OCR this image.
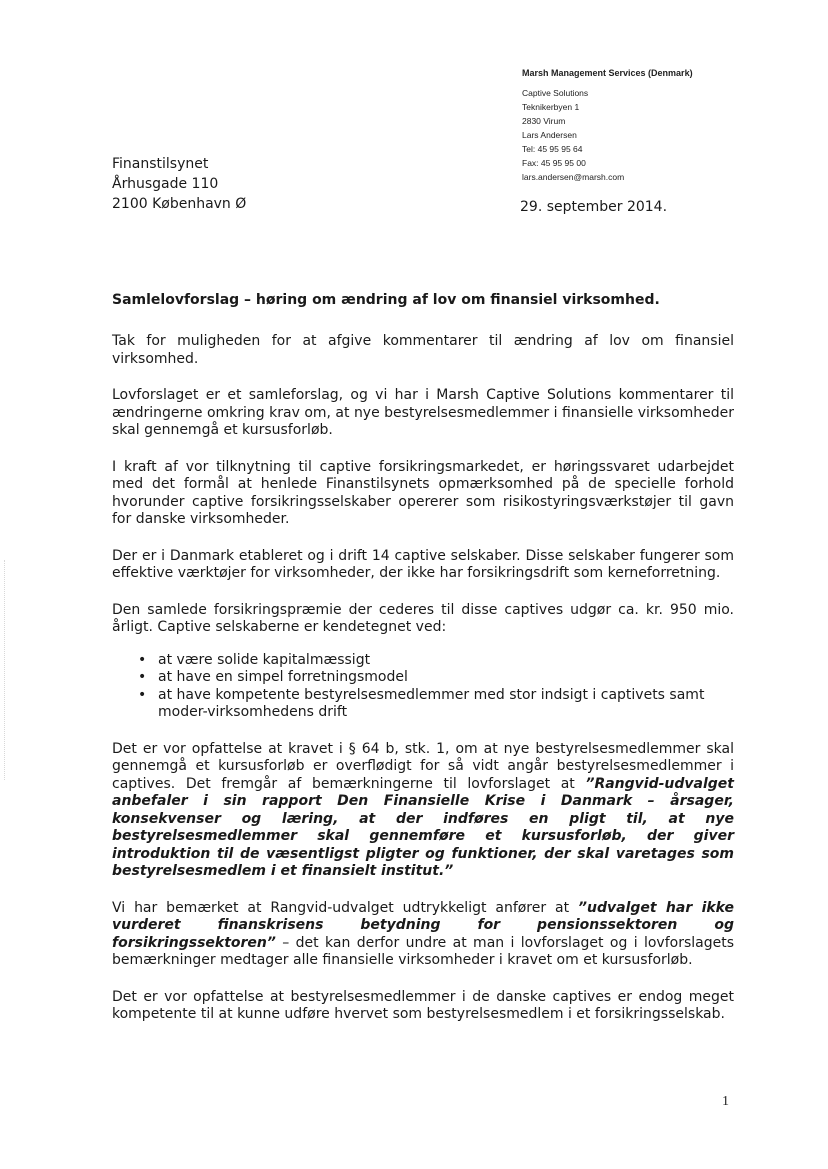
Marsh Management Services (Denmark)
Captive Solutions
Teknikerbyen 1
2830 Virum
Lars Andersen
Tel: 45 95 95 64
Fax: 45 95 95 00
lars.andersen@marsh.com
Finanstilsynet
Århusgade 110
2100 København Ø	29. september 2014.
Samlelovforslag – høring om ændring af lov om finansiel virksomhed.

Tak for muligheden for at afgive kommentarer til ændring af lov om finansiel virksomhed.

Lovforslaget er et samleforslag, og vi har i Marsh Captive Solutions kommentarer til ændringerne omkring krav om, at nye bestyrelsesmedlemmer i finansielle virksomheder skal gennemgå et kursusforløb.

I kraft af vor tilknytning til captive forsikringsmarkedet, er høringssvaret udarbejdet med det formål at henlede Finanstilsynets opmærksomhed på de specielle forhold hvorunder captive forsikringsselskaber opererer som risikostyringsværkstøjer til gavn for danske virksomheder.

Der er i Danmark etableret og i drift 14 captive selskaber. Disse selskaber fungerer som effektive værktøjer for virksomheder, der ikke har forsikringsdrift som kerneforretning.

Den samlede forsikringspræmie der cederes til disse captives udgør ca. kr. 950 mio. årligt. Captive selskaberne er kendetegnet ved:

• at være solide kapitalmæssigt
• at have en simpel forretningsmodel
• at have kompetente bestyrelsesmedlemmer med stor indsigt i captivets samt moder-virksomhedens drift

Det er vor opfattelse at kravet i § 64 b, stk. 1, om at nye bestyrelsesmedlemmer skal gennemgå et kursusforløb er overflødigt for så vidt angår bestyrelsesmedlemmer i captives. Det fremgår af bemærkningerne til lovforslaget at ”Rangvid-udvalget anbefaler i sin rapport Den Finansielle Krise i Danmark – årsager, konsekvenser og læring, at der indføres en pligt til, at nye bestyrelsesmedlemmer skal gennemføre et kursusforløb, der giver introduktion til de væsentligst pligter og funktioner, der skal varetages som bestyrelsesmedlem i et finansielt institut.”

Vi har bemærket at Rangvid-udvalget udtrykkeligt anfører at ”udvalget har ikke vurderet finanskrisens betydning for pensionssektoren og forsikringssektoren” – det kan derfor undre at man i lovforslaget og i lovforslagets bemærkninger medtager alle finansielle virksomheder i kravet om et kursusforløb.

Det er vor opfattelse at bestyrelsesmedlemmer i de danske captives er endog meget kompetente til at kunne udføre hvervet som bestyrelsesmedlem i et forsikringsselskab.

1
